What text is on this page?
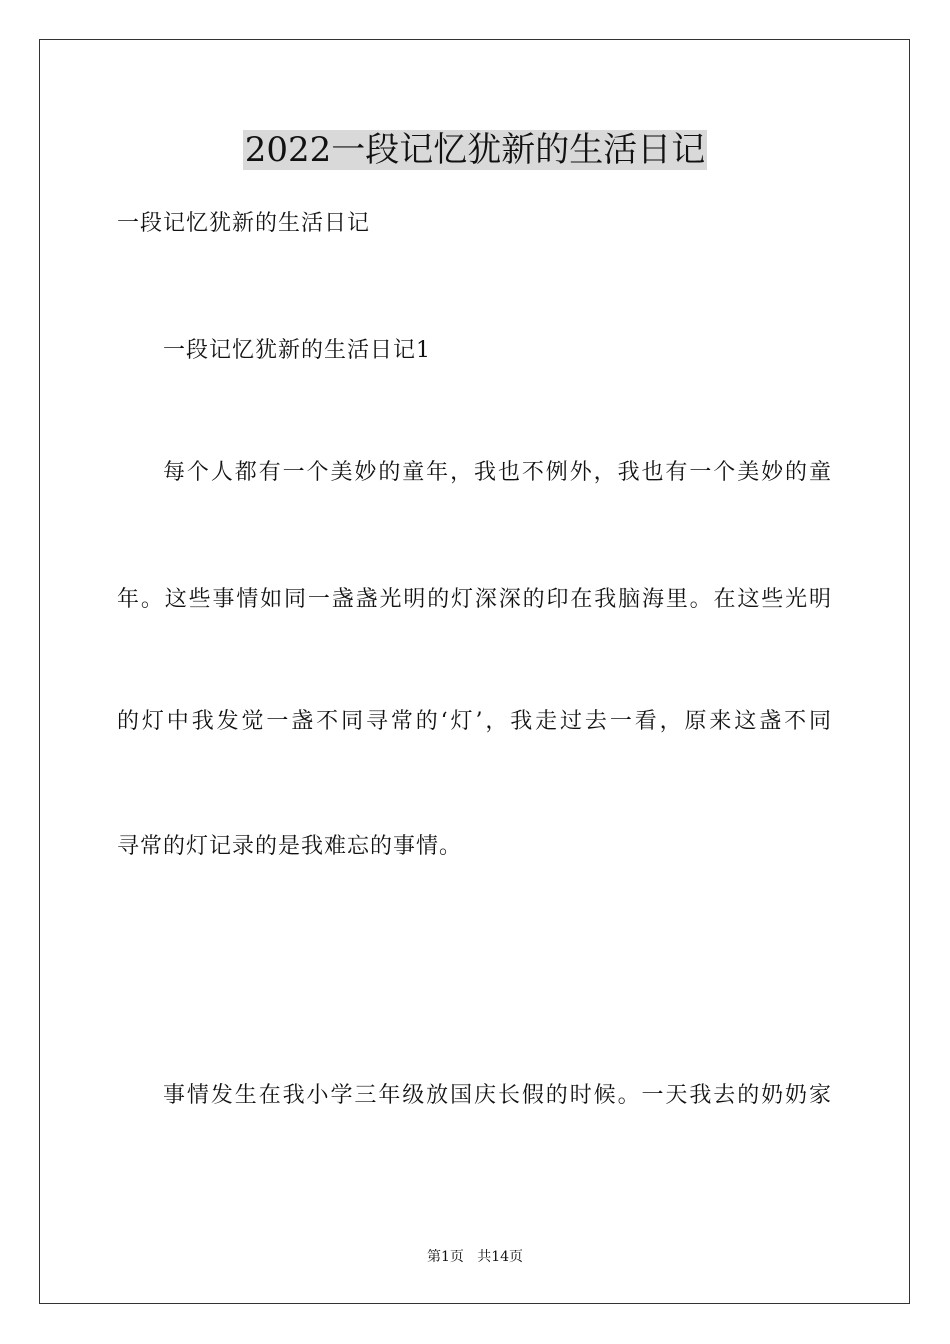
2022一段记忆犹新的生活日记
一段记忆犹新的生活日记
一段记忆犹新的生活日记1
每个人都有一个美妙的童年，我也不例外，我也有一个美妙的童
年。这些事情如同一盏盏光明的灯深深的印在我脑海里。在这些光明
的灯中我发觉一盏不同寻常的‘灯’，我走过去一看，原来这盏不同
寻常的灯记录的是我难忘的事情。
事情发生在我小学三年级放国庆长假的时候。一天我去的奶奶家
第1页   共14页
